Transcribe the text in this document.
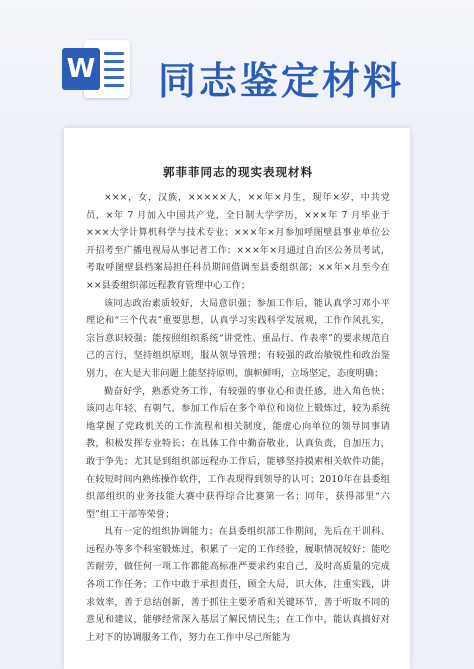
W 同志鉴定材料
郭菲菲同志的现实表现材料

×××，女，汉族，×××××人，××年×月生，现年×岁，中共党员，×年 7 月加入中国共产党，全日制大学学历，×××年 7 月毕业于×××大学计算机科学与技术专业；×××年×月参加呼图壁县事业单位公开招考至广播电视局从事记者工作；×××年×月通过自治区公务员考试，考取呼图壁县档案局担任科员期间借调至县委组织部；××年×月至今在××县委组织部远程教育管理中心工作；

该同志政治素质较好，大局意识强；参加工作后，能认真学习邓小平理论和“三个代表”重要思想，认真学习实践科学发展观，工作作风扎实，宗旨意识较强；能按照组织系统“讲党性、重品行、作表率”的要求规范自己的言行，坚持组织原则，服从领导管理；有较强的政治敏锐性和政治鉴别力，在大是大非问题上能坚持原则，旗帜鲜明，立场坚定，态度明确；

勤奋好学，熟悉党务工作，有较强的事业心和责任感，进入角色快；该同志年轻、有朝气，参加工作后在多个单位和岗位上锻炼过，较为系统地掌握了党政机关的工作流程和相关制度，能虚心向单位的领导同事请教，积极发挥专业特长；在具体工作中勤奋敬业，认真负责，自加压力，敢于争先；尤其是到组织部远程办工作后，能够坚持摸索相关软件功能，在较短时间内熟练操作软件，工作表现得到领导的认可；2010年在县委组织部组织的业务技能大赛中获得综合比赛第一名；同年，获得部里“六型”组工干部等荣誉；

具有一定的组织协调能力；在县委组织部工作期间，先后在干训科、远程办等多个科室锻炼过，积累了一定的工作经验，履职情况较好；能吃苦耐劳，做任何一项工作都能高标准严要求约束自己，及时高质量的完成各项工作任务；工作中敢于承担责任，顾全大局，识大体，注重实践，讲求效率，善于总结创新，善于抓住主要矛盾和关键环节，善于听取不同的意见和建议，能够经常深入基层了解民情民生；在工作中，能认真搞好对上对下的协调服务工作，努力在工作中尽己所能为
